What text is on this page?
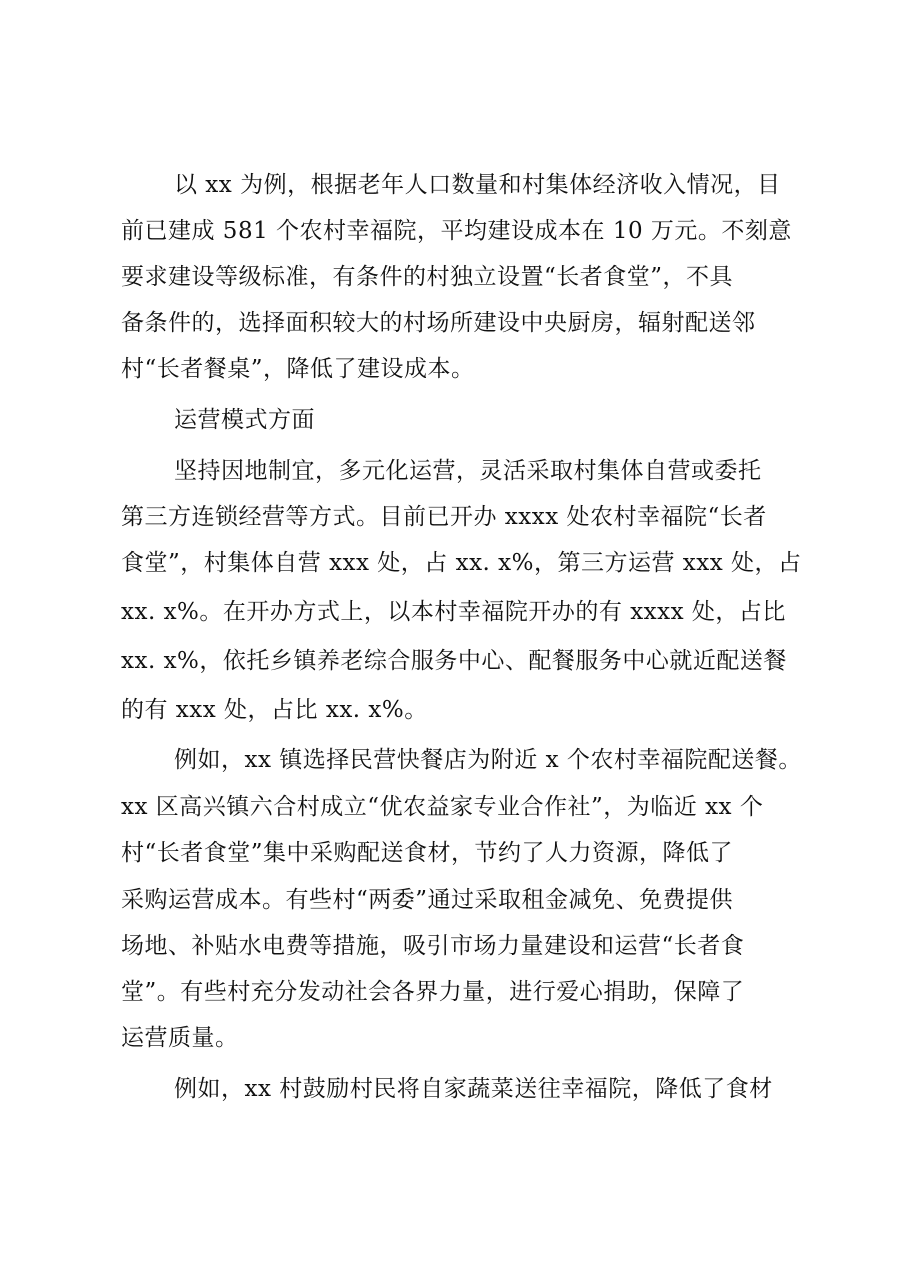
以 xx 为例，根据老年人口数量和村集体经济收入情况，目
前已建成 581 个农村幸福院，平均建设成本在 10 万元。不刻意
要求建设等级标准，有条件的村独立设置“长者食堂”，不具
备条件的，选择面积较大的村场所建设中央厨房，辐射配送邻
村“长者餐桌”，降低了建设成本。
运营模式方面
坚持因地制宜，多元化运营，灵活采取村集体自营或委托
第三方连锁经营等方式。目前已开办 xxxx 处农村幸福院“长者
食堂”，村集体自营 xxx 处，占 xx. x%，第三方运营 xxx 处，占
xx. x%。在开办方式上，以本村幸福院开办的有 xxxx 处，占比
xx. x%，依托乡镇养老综合服务中心、配餐服务中心就近配送餐
的有 xxx 处，占比 xx. x%。
例如，xx 镇选择民营快餐店为附近 x 个农村幸福院配送餐。
xx 区高兴镇六合村成立“优农益家专业合作社”，为临近 xx 个
村“长者食堂”集中采购配送食材，节约了人力资源，降低了
采购运营成本。有些村“两委”通过采取租金减免、免费提供
场地、补贴水电费等措施，吸引市场力量建设和运营“长者食
堂”。有些村充分发动社会各界力量，进行爱心捐助，保障了
运营质量。
例如，xx 村鼓励村民将自家蔬菜送往幸福院，降低了食材
